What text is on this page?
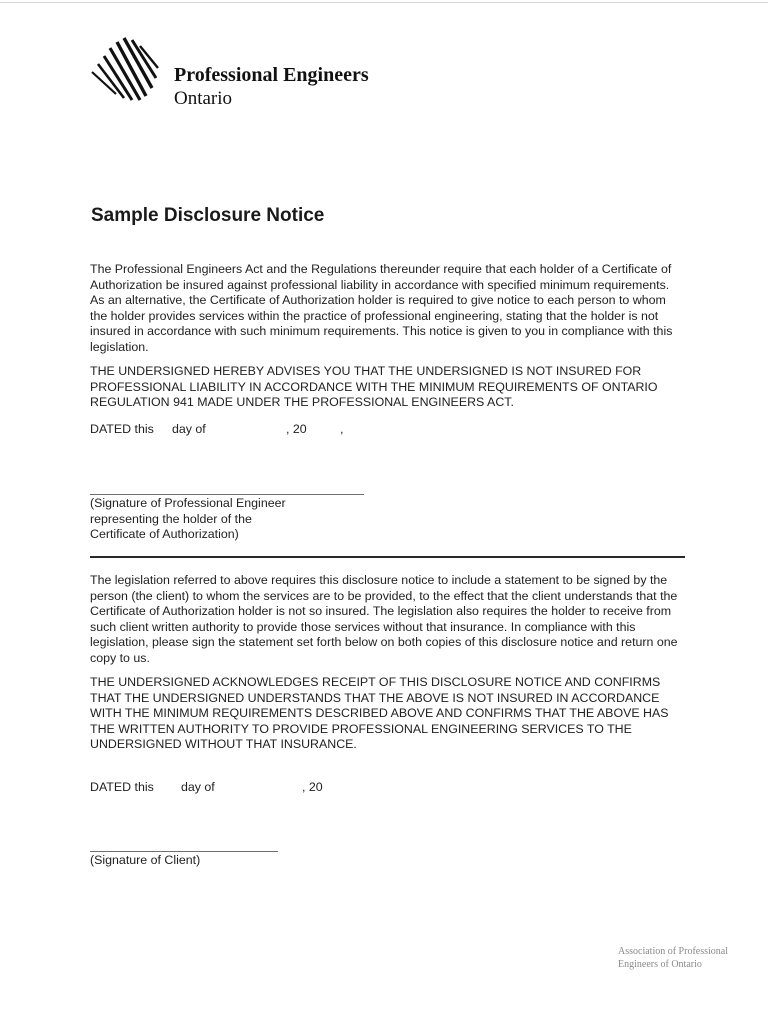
Professional Engineers
Ontario
Sample Disclosure Notice

The Professional Engineers Act and the Regulations thereunder require that each holder of a Certificate of Authorization be insured against professional liability in accordance with specified minimum requirements. As an alternative, the Certificate of Authorization holder is required to give notice to each person to whom the holder provides services within the practice of professional engineering, stating that the holder is not insured in accordance with such minimum requirements. This notice is given to you in compliance with this legislation.

THE UNDERSIGNED HEREBY ADVISES YOU THAT THE UNDERSIGNED IS NOT INSURED FOR PROFESSIONAL LIABILITY IN ACCORDANCE WITH THE MINIMUM REQUIREMENTS OF ONTARIO REGULATION 941 MADE UNDER THE PROFESSIONAL ENGINEERS ACT.

DATED this day of	, 20	,
(Signature of Professional Engineer
representing the holder of the
Certificate of Authorization)

The legislation referred to above requires this disclosure notice to include a statement to be signed by the person (the client) to whom the services are to be provided, to the effect that the client understands that the Certificate of Authorization holder is not so insured. The legislation also requires the holder to receive from such client written authority to provide those services without that insurance. In compliance with this legislation, please sign the statement set forth below on both copies of this disclosure notice and return one copy to us.

THE UNDERSIGNED ACKNOWLEDGES RECEIPT OF THIS DISCLOSURE NOTICE AND CONFIRMS THAT THE UNDERSIGNED UNDERSTANDS THAT THE ABOVE IS NOT INSURED IN ACCORDANCE WITH THE MINIMUM REQUIREMENTS DESCRIBED ABOVE AND CONFIRMS THAT THE ABOVE HAS THE WRITTEN AUTHORITY TO PROVIDE PROFESSIONAL ENGINEERING SERVICES TO THE UNDERSIGNED WITHOUT THAT INSURANCE.

DATED this day of	, 20
(Signature of Client)
Association of Professional
Engineers of Ontario
